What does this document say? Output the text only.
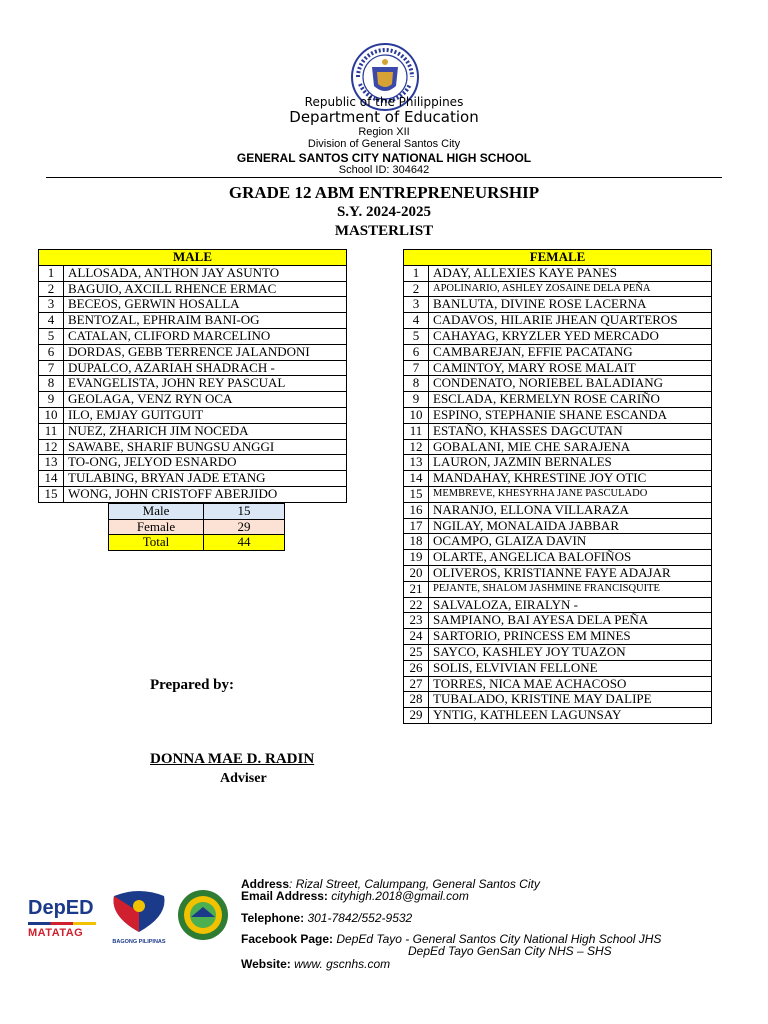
Republic of the Philippines
Department of Education
Region XII
Division of General Santos City
GENERAL SANTOS CITY NATIONAL HIGH SCHOOL
School ID: 304642
GRADE 12 ABM ENTREPRENEURSHIP
S.Y. 2024-2025
MASTERLIST
MALE	
1	ALLOSADA, ANTHON JAY ASUNTO
2	BAGUIO, AXCILL RHENCE ERMAC
3	BECEOS, GERWIN HOSALLA
4	BENTOZAL, EPHRAIM BANI-OG
5	CATALAN, CLIFORD MARCELINO
6	DORDAS, GEBB TERRENCE JALANDONI
7	DUPALCO, AZARIAH SHADRACH -
8	EVANGELISTA, JOHN REY PASCUAL
9	GEOLAGA, VENZ RYN OCA
10	ILO, EMJAY GUITGUIT
11	NUEZ, ZHARICH JIM NOCEDA
12	SAWABE, SHARIF BUNGSU ANGGI
13	TO-ONG, JELYOD ESNARDO
14	TULABING, BRYAN JADE ETANG
15	WONG, JOHN CRISTOFF ABERJIDO
Male	15
Female	29
Total	44
FEMALE	
1	ADAY, ALLEXIES KAYE PANES
2	APOLINARIO, ASHLEY ZOSAINE DELA PEÑA
3	BANLUTA, DIVINE ROSE LACERNA
4	CADAVOS, HILARIE JHEAN QUARTEROS
5	CAHAYAG, KRYZLER YED MERCADO
6	CAMBAREJAN, EFFIE PACATANG
7	CAMINTOY, MARY ROSE MALAIT
8	CONDENATO, NORIEBEL BALADIANG
9	ESCLADA, KERMELYN ROSE CARIÑO
10	ESPINO, STEPHANIE SHANE ESCANDA
11	ESTAÑO, KHASSES DAGCUTAN
12	GOBALANI, MIE CHE SARAJENA
13	LAURON, JAZMIN BERNALES
14	MANDAHAY, KHRESTINE JOY OTIC
15	MEMBREVE, KHESYRHA JANE PASCULADO
16	NARANJO, ELLONA VILLARAZA
17	NGILAY, MONALAIDA JABBAR
18	OCAMPO, GLAIZA DAVIN
19	OLARTE, ANGELICA BALOFIÑOS
20	OLIVEROS, KRISTIANNE FAYE ADAJAR
21	PEJANTE, SHALOM JASHMINE FRANCISQUITE
22	SALVALOZA, EIRALYN -
23	SAMPIANO, BAI AYESA DELA PEÑA
24	SARTORIO, PRINCESS EM MINES
25	SAYCO, KASHLEY JOY TUAZON
26	SOLIS, ELVIVIAN FELLONE
27	TORRES, NICA MAE ACHACOSO
28	TUBALADO, KRISTINE MAY DALIPE
29	YNTIG, KATHLEEN LAGUNSAY
Prepared by:
DONNA MAE D. RADIN
Adviser
DepED
MATATAG
BAGONG PILIPINAS
Address: Rizal Street, Calumpang, General Santos City
Email Address: cityhigh.2018@gmail.com
Telephone: 301-7842/552-9532
Facebook Page: DepEd Tayo - General Santos City National High School JHS
DepEd Tayo GenSan City NHS – SHS
Website: www. gscnhs.com
